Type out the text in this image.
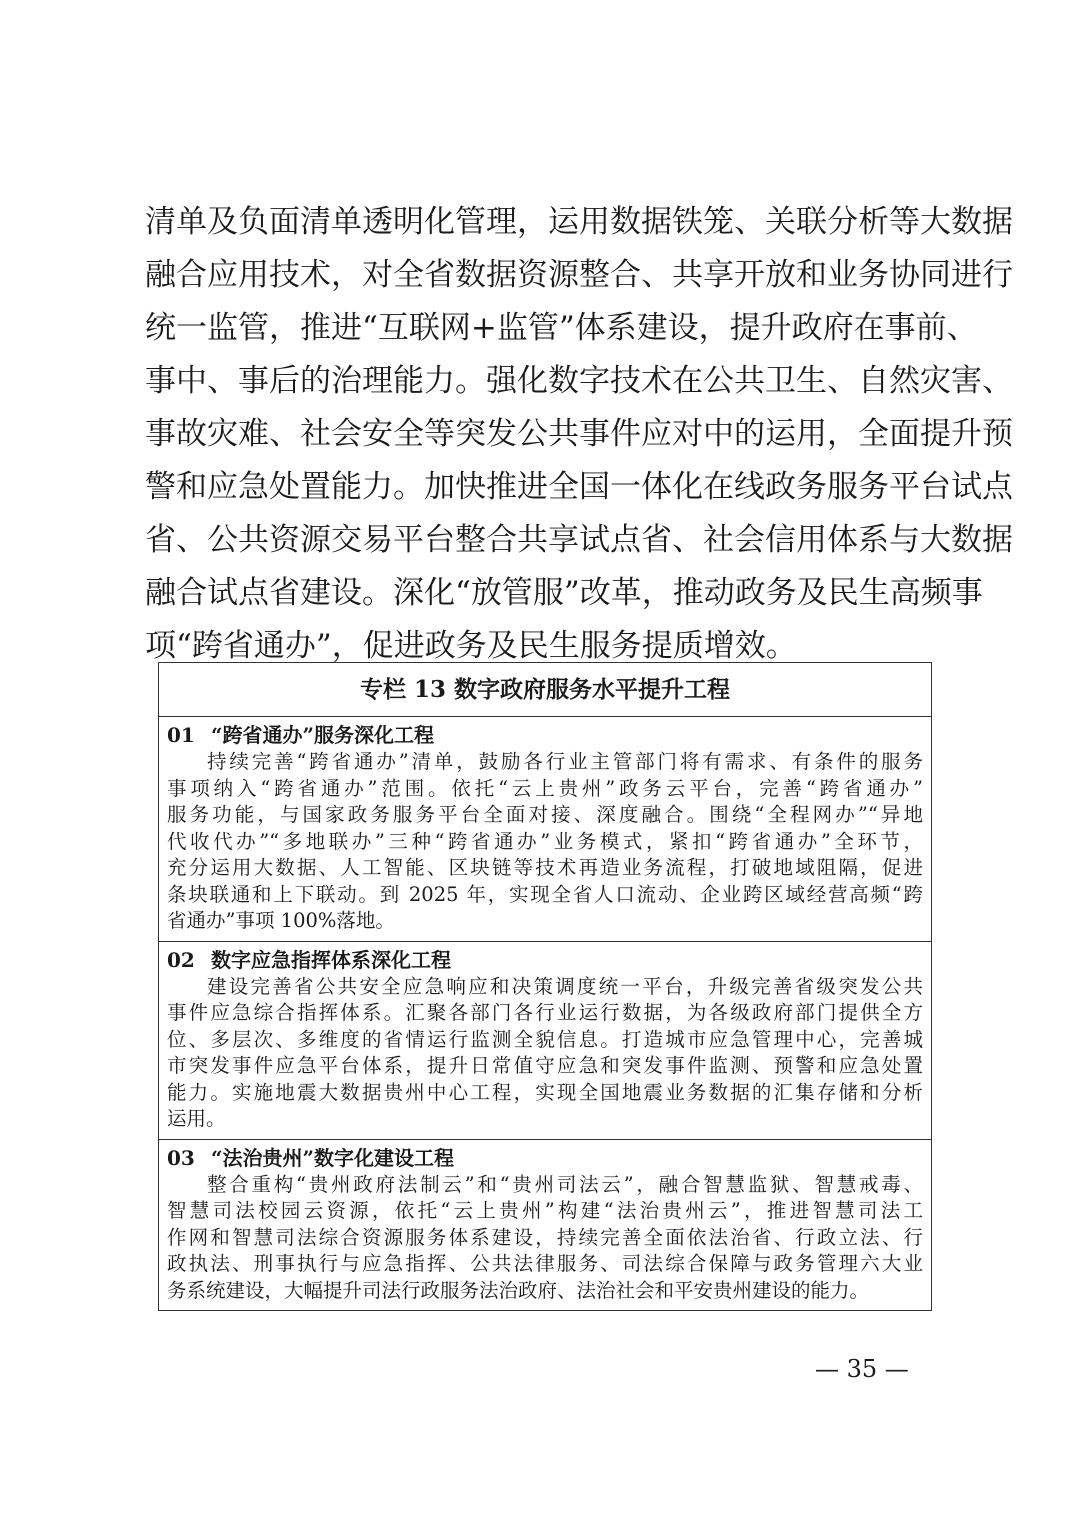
清单及负面清单透明化管理，运用数据铁笼、关联分析等大数据
融合应用技术，对全省数据资源整合、共享开放和业务协同进行
统一监管，推进“互联网+监管”体系建设，提升政府在事前、
事中、事后的治理能力。强化数字技术在公共卫生、自然灾害、
事故灾难、社会安全等突发公共事件应对中的运用，全面提升预
警和应急处置能力。加快推进全国一体化在线政务服务平台试点
省、公共资源交易平台整合共享试点省、社会信用体系与大数据
融合试点省建设。深化“放管服”改革，推动政务及民生高频事
项“跨省通办”，促进政务及民生服务提质增效。
专栏 13 数字政府服务水平提升工程
01 “跨省通办”服务深化工程
持续完善“跨省通办”清单，鼓励各行业主管部门将有需求、有条件的服务
事项纳入“跨省通办”范围。依托“云上贵州”政务云平台，完善“跨省通办”
服务功能，与国家政务服务平台全面对接、深度融合。围绕“全程网办”“异地
代收代办”“多地联办”三种“跨省通办”业务模式，紧扣“跨省通办”全环节，
充分运用大数据、人工智能、区块链等技术再造业务流程，打破地域阻隔，促进
条块联通和上下联动。到 2025 年，实现全省人口流动、企业跨区域经营高频“跨
省通办”事项 100%落地。
02 数字应急指挥体系深化工程
建设完善省公共安全应急响应和决策调度统一平台，升级完善省级突发公共
事件应急综合指挥体系。汇聚各部门各行业运行数据，为各级政府部门提供全方
位、多层次、多维度的省情运行监测全貌信息。打造城市应急管理中心，完善城
市突发事件应急平台体系，提升日常值守应急和突发事件监测、预警和应急处置
能力。实施地震大数据贵州中心工程，实现全国地震业务数据的汇集存储和分析
运用。
03 “法治贵州”数字化建设工程
整合重构“贵州政府法制云”和“贵州司法云”，融合智慧监狱、智慧戒毒、
智慧司法校园云资源，依托“云上贵州”构建“法治贵州云”，推进智慧司法工
作网和智慧司法综合资源服务体系建设，持续完善全面依法治省、行政立法、行
政执法、刑事执行与应急指挥、公共法律服务、司法综合保障与政务管理六大业
务系统建设，大幅提升司法行政服务法治政府、法治社会和平安贵州建设的能力。
— 35 —
